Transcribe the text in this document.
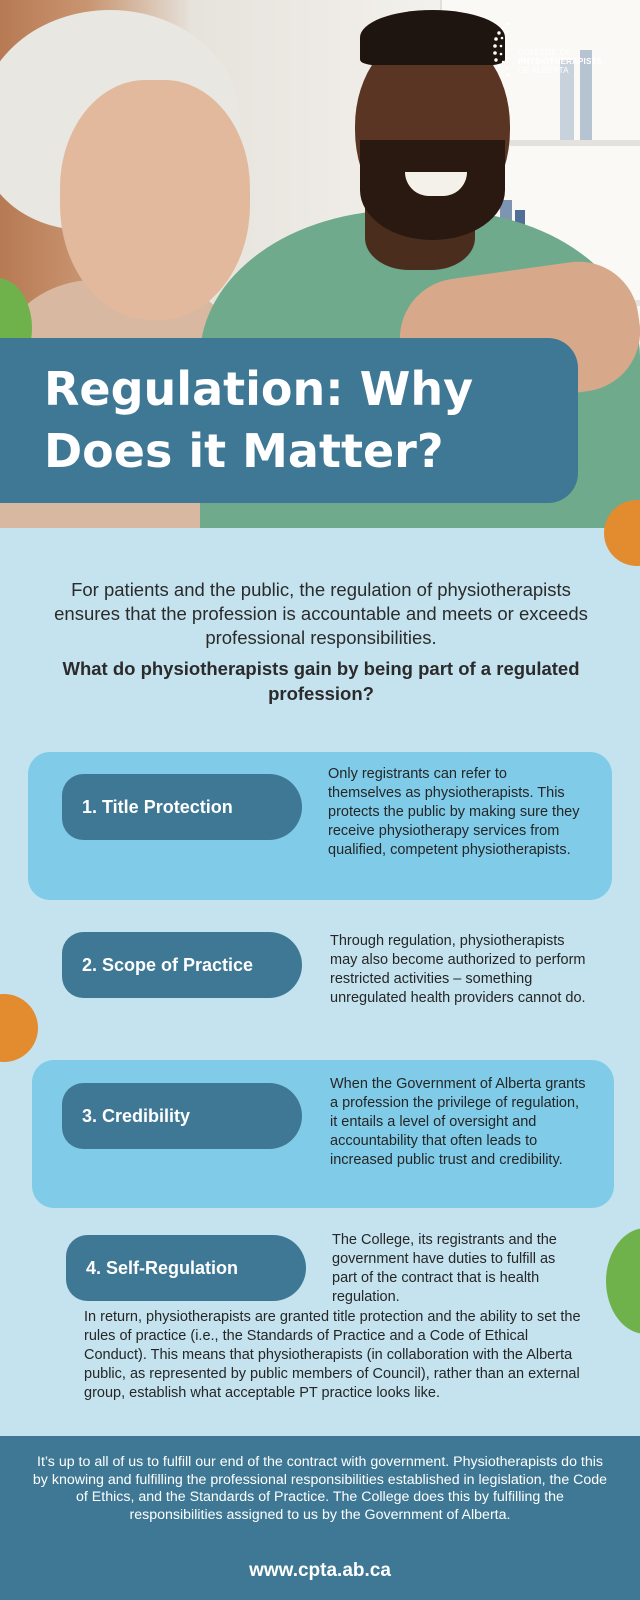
COLLEGE OF
PHYSIOTHERAPISTS
OF ALBERTA
Regulation: Why
Does it Matter?

For patients and the public, the regulation of physiotherapists ensures that the profession is accountable and meets or exceeds professional responsibilities.

What do physiotherapists gain by being part of a regulated profession?

1. Title Protection

Only registrants can refer to themselves as physiotherapists. This protects the public by making sure they receive physiotherapy services from qualified, competent physiotherapists.

2. Scope of Practice

Through regulation, physiotherapists may also become authorized to perform restricted activities – something unregulated health providers cannot do.

3. Credibility

When the Government of Alberta grants a profession the privilege of regulation, it entails a level of oversight and accountability that often leads to increased public trust and credibility.

4. Self-Regulation

The College, its registrants and the government have duties to fulfill as part of the contract that is health regulation.

In return, physiotherapists are granted title protection and the ability to set the rules of practice (i.e., the Standards of Practice and a Code of Ethical Conduct). This means that physiotherapists (in collaboration with the Alberta public, as represented by public members of Council), rather than an external group, establish what acceptable PT practice looks like.

It’s up to all of us to fulfill our end of the contract with government. Physiotherapists do this by knowing and fulfilling the professional responsibilities established in legislation, the Code of Ethics, and the Standards of Practice. The College does this by fulfilling the responsibilities assigned to us by the Government of Alberta.

www.cpta.ab.ca
